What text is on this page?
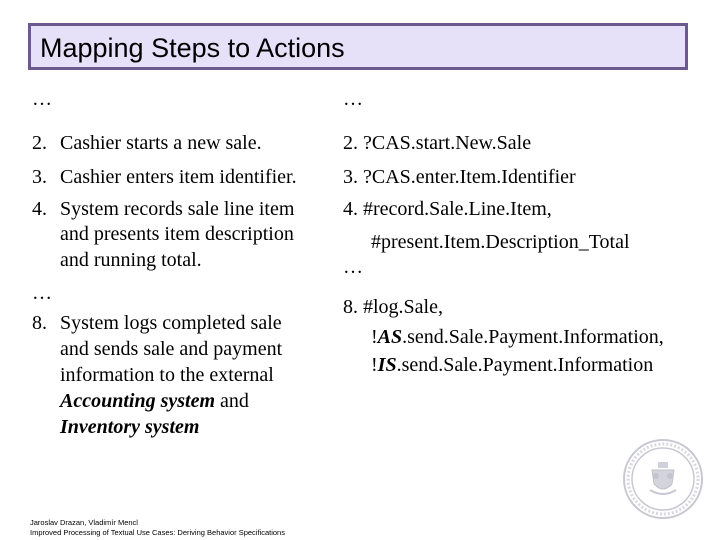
Mapping Steps to Actions
…
2. Cashier starts a new sale.
3. Cashier enters item identifier.
4. System records sale line item
and presents item description
and running total.
…
8. System logs completed sale
and sends sale and payment
information to the external
Accounting system and
Inventory system
…
2. ?CAS.start.New.Sale
3. ?CAS.enter.Item.Identifier
4. #record.Sale.Line.Item,
#present.Item.Description_Total
…
8. #log.Sale,
!AS.send.Sale.Payment.Information,
!IS.send.Sale.Payment.Information
Jaroslav Drazan, Vladimír Mencl
Improved Processing of Textual Use Cases: Deriving Behavior Specifications
